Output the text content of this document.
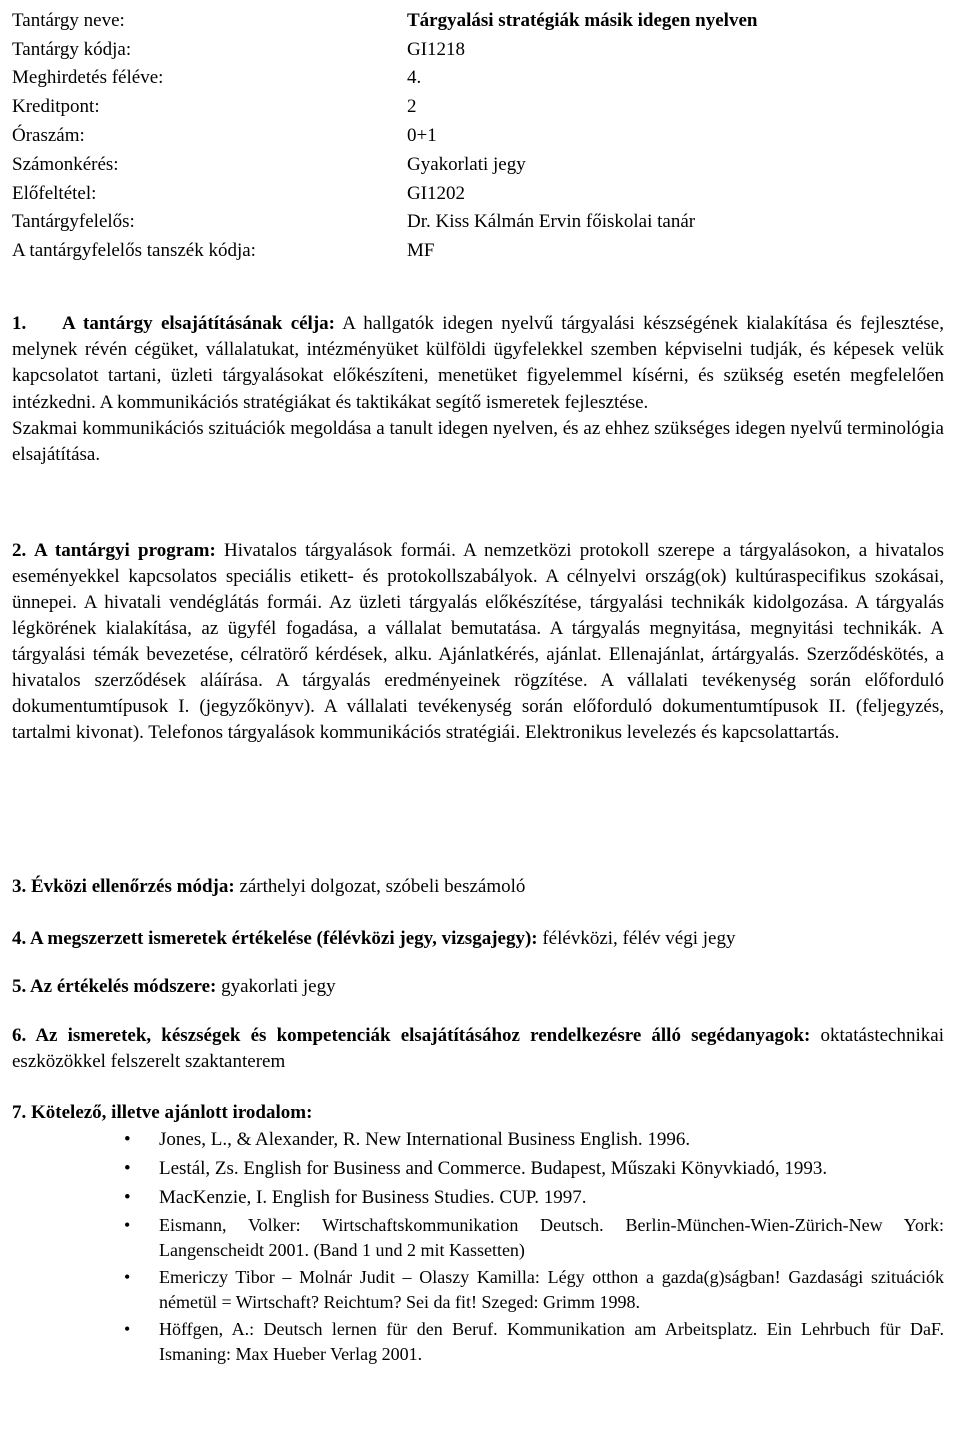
Tantárgy neve:	Tárgyalási stratégiák másik idegen nyelven
Tantárgy kódja:	GI1218
Meghirdetés féléve:	4.
Kreditpont:	2
Óraszám:	0+1
Számonkérés:	Gyakorlati jegy
Előfeltétel:	GI1202
Tantárgyfelelős:	Dr. Kiss Kálmán Ervin főiskolai tanár
A tantárgyfelelős tanszék kódja:	MF

1. A tantárgy elsajátításának célja: A hallgatók idegen nyelvű tárgyalási készségének kialakítása és fejlesztése, melynek révén cégüket, vállalatukat, intézményüket külföldi ügyfelekkel szemben képviselni tudják, és képesek velük kapcsolatot tartani, üzleti tárgyalásokat előkészíteni, menetüket figyelemmel kísérni, és szükség esetén megfelelően intézkedni. A kommunikációs stratégiákat és taktikákat segítő ismeretek fejlesztése.

Szakmai kommunikációs szituációk megoldása a tanult idegen nyelven, és az ehhez szükséges idegen nyelvű terminológia elsajátítása.

2. A tantárgyi program: Hivatalos tárgyalások formái. A nemzetközi protokoll szerepe a tárgyalásokon, a hivatalos eseményekkel kapcsolatos speciális etikett- és protokollszabályok. A célnyelvi ország(ok) kultúraspecifikus szokásai, ünnepei. A hivatali vendéglátás formái. Az üzleti tárgyalás előkészítése, tárgyalási technikák kidolgozása. A tárgyalás légkörének kialakítása, az ügyfél fogadása, a vállalat bemutatása. A tárgyalás megnyitása, megnyitási technikák. A tárgyalási témák bevezetése, célratörő kérdések, alku. Ajánlatkérés, ajánlat. Ellenajánlat, ártárgyalás. Szerződéskötés, a hivatalos szerződések aláírása. A tárgyalás eredményeinek rögzítése. A vállalati tevékenység során előforduló dokumentumtípusok I. (jegyzőkönyv). A vállalati tevékenység során előforduló dokumentumtípusok II. (feljegyzés, tartalmi kivonat). Telefonos tárgyalások kommunikációs stratégiái. Elektronikus levelezés és kapcsolattartás.

3. Évközi ellenőrzés módja: zárthelyi dolgozat, szóbeli beszámoló

4. A megszerzett ismeretek értékelése (félévközi jegy, vizsgajegy): félévközi, félév végi jegy

5. Az értékelés módszere: gyakorlati jegy

6. Az ismeretek, készségek és kompetenciák elsajátításához rendelkezésre álló segédanyagok: oktatástechnikai eszközökkel felszerelt szaktanterem

7. Kötelező, illetve ajánlott irodalom:

• Jones, L., & Alexander, R. New International Business English. 1996.
• Lestál, Zs. English for Business and Commerce. Budapest, Műszaki Könyvkiadó, 1993.
• MacKenzie, I. English for Business Studies. CUP. 1997.
• Eismann, Volker: Wirtschaftskommunikation Deutsch. Berlin-München-Wien-Zürich-New York: Langenscheidt 2001. (Band 1 und 2 mit Kassetten)
• Emericzy Tibor – Molnár Judit – Olaszy Kamilla: Légy otthon a gazda(g)ságban! Gazdasági szituációk németül = Wirtschaft? Reichtum? Sei da fit! Szeged: Grimm 1998.
• Höffgen, A.: Deutsch lernen für den Beruf. Kommunikation am Arbeitsplatz. Ein Lehrbuch für DaF. Ismaning: Max Hueber Verlag 2001.
